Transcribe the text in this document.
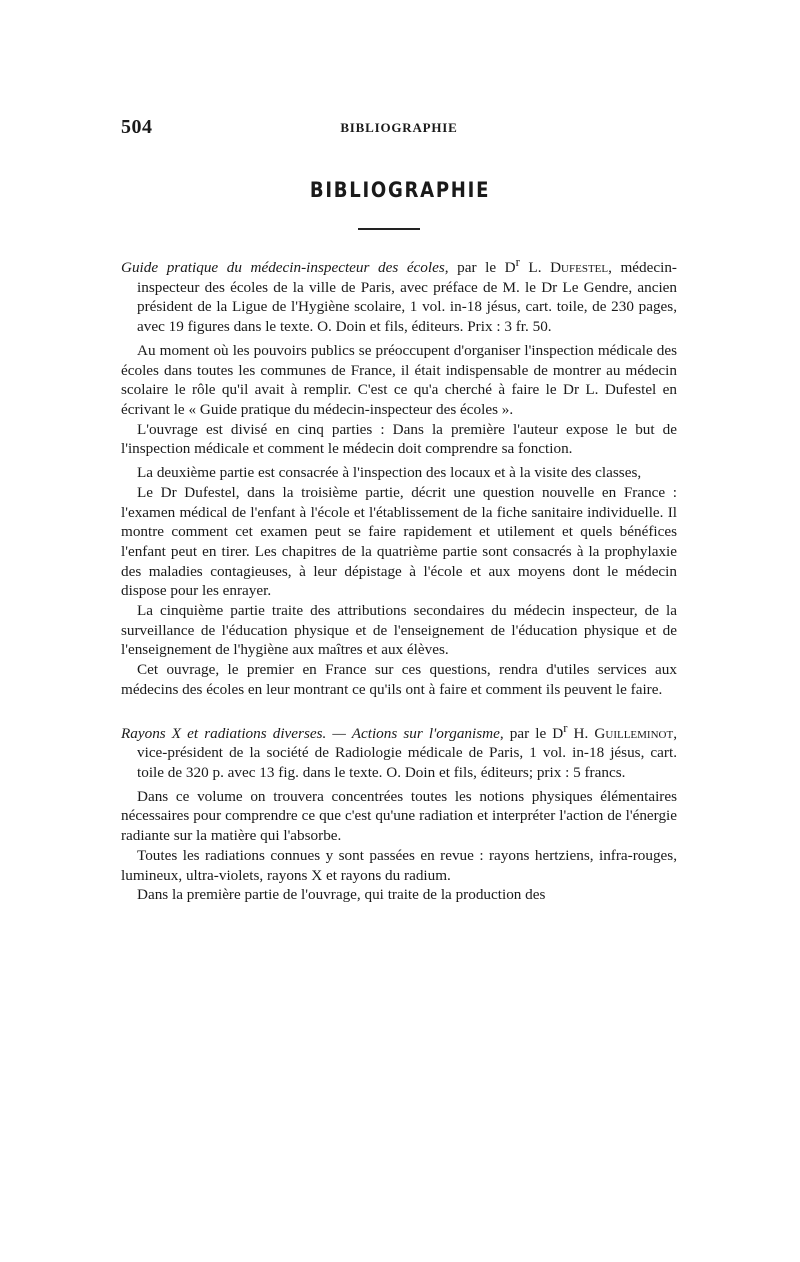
504	BIBLIOGRAPHIE
BIBLIOGRAPHIE

Guide pratique du médecin-inspecteur des écoles, par le $D^r$ L. Dufestel, médecin-inspecteur des écoles de la ville de Paris, avec préface de M. le Dr Le Gendre, ancien président de la Ligue de l'Hygiène scolaire, 1 vol. in-18 jésus, cart. toile, de 230 pages, avec 19 figures dans le texte. O. Doin et fils, éditeurs. Prix : 3 fr. 50.

Au moment où les pouvoirs publics se préoccupent d'organiser l'inspection médicale des écoles dans toutes les communes de France, il était indispensable de montrer au médecin scolaire le rôle qu'il avait à remplir. C'est ce qu'a cherché à faire le Dr L. Dufestel en écrivant le « Guide pratique du médecin-inspecteur des écoles ».

L'ouvrage est divisé en cinq parties : Dans la première l'auteur expose le but de l'inspection médicale et comment le médecin doit comprendre sa fonction.

La deuxième partie est consacrée à l'inspection des locaux et à la visite des classes,

Le Dr Dufestel, dans la troisième partie, décrit une question nouvelle en France : l'examen médical de l'enfant à l'école et l'établissement de la fiche sanitaire individuelle. Il montre comment cet examen peut se faire rapidement et utilement et quels bénéfices l'enfant peut en tirer. Les chapitres de la quatrième partie sont consacrés à la prophylaxie des maladies contagieuses, à leur dépistage à l'école et aux moyens dont le médecin dispose pour les enrayer.

La cinquième partie traite des attributions secondaires du médecin inspecteur, de la surveillance de l'éducation physique et de l'enseignement de l'éducation physique et de l'enseignement de l'hygiène aux maîtres et aux élèves.

Cet ouvrage, le premier en France sur ces questions, rendra d'utiles services aux médecins des écoles en leur montrant ce qu'ils ont à faire et comment ils peuvent le faire.

Rayons X et radiations diverses. — Actions sur l'organisme, par le $D^r$ H. Guilleminot, vice-président de la société de Radiologie médicale de Paris, 1 vol. in-18 jésus, cart. toile de 320 p. avec 13 fig. dans le texte. O. Doin et fils, éditeurs; prix : 5 francs.

Dans ce volume on trouvera concentrées toutes les notions physiques élémentaires nécessaires pour comprendre ce que c'est qu'une radiation et interpréter l'action de l'énergie radiante sur la matière qui l'absorbe.

Toutes les radiations connues y sont passées en revue : rayons hertziens, infra-rouges, lumineux, ultra-violets, rayons X et rayons du radium.

Dans la première partie de l'ouvrage, qui traite de la production des
